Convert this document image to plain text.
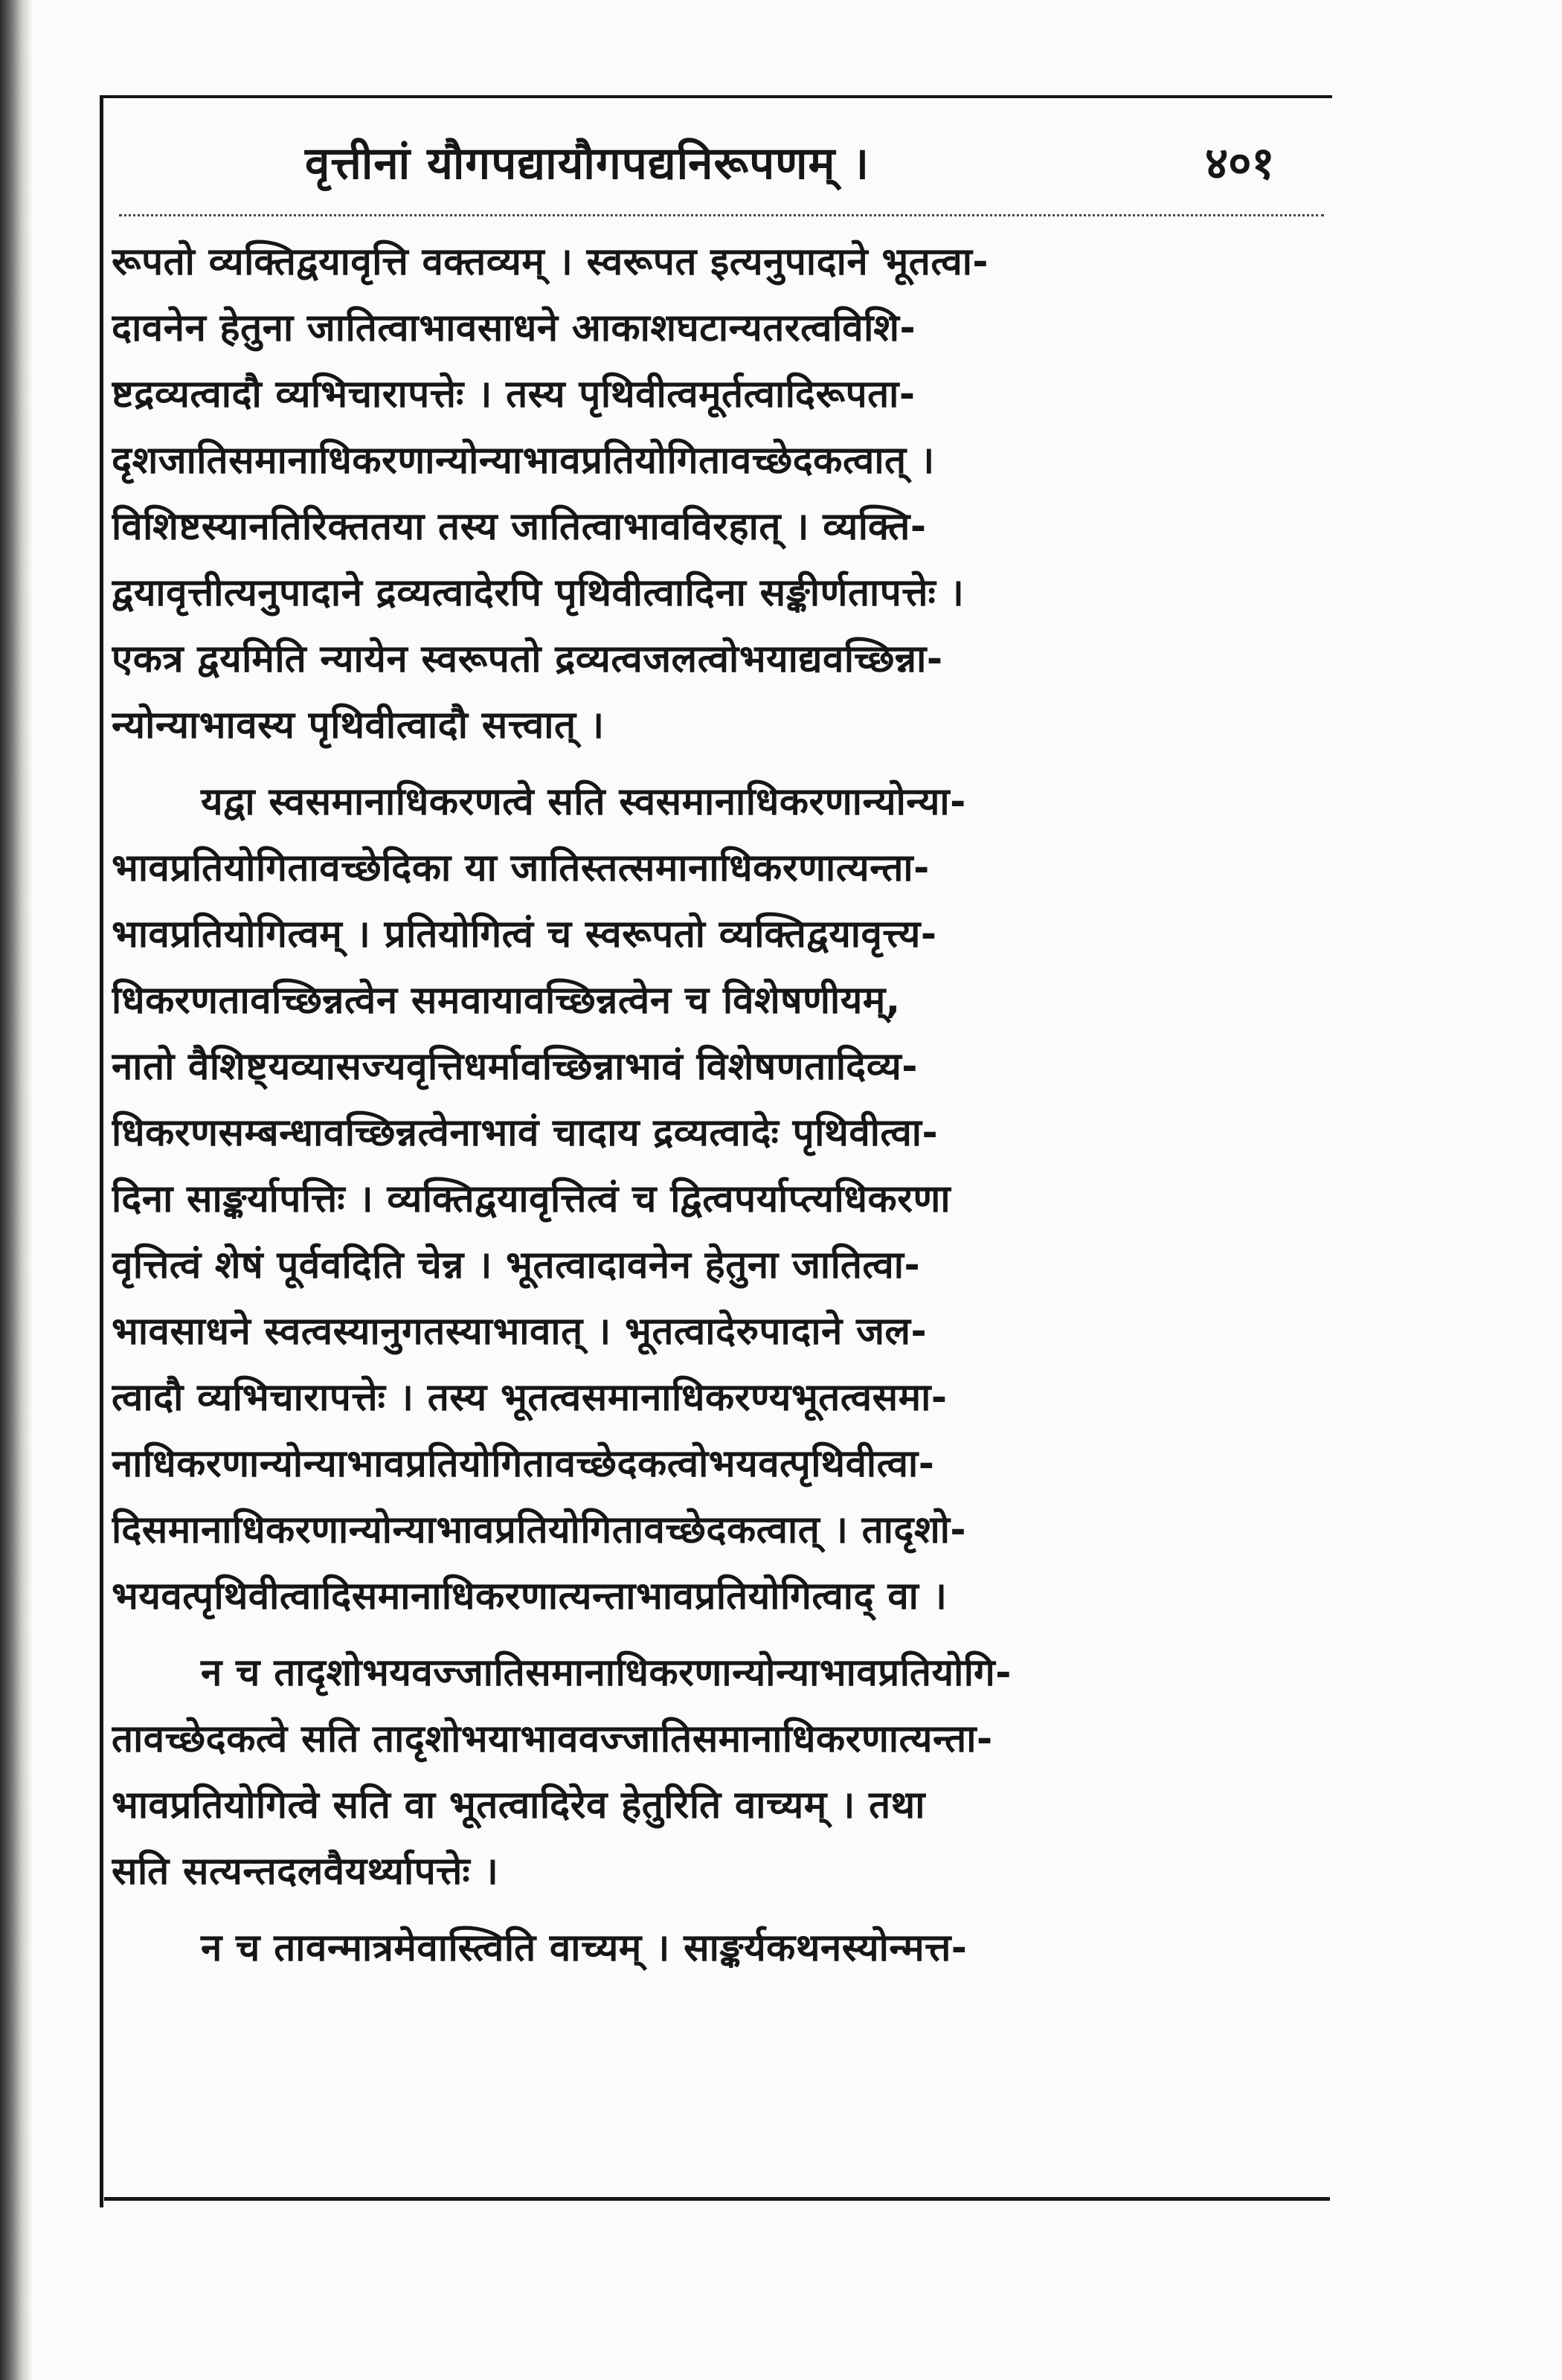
वृत्तीनां यौगपद्यायौगपद्यनिरूपणम् ।	४०१
रूपतो व्यक्तिद्वयावृत्ति वक्तव्यम् । स्वरूपत इत्यनुपादाने भूतत्वा-
दावनेन हेतुना जातित्वाभावसाधने आकाशघटान्यतरत्वविशि-
ष्टद्रव्यत्वादौ व्यभिचारापत्तेः । तस्य पृथिवीत्वमूर्तत्वादिरूपता-
दृशजातिसमानाधिकरणान्योन्याभावप्रतियोगितावच्छेदकत्वात् ।
विशिष्टस्यानतिरिक्ततया तस्य जातित्वाभावविरहात् । व्यक्ति-
द्वयावृत्तीत्यनुपादाने द्रव्यत्वादेरपि पृथिवीत्वादिना सङ्कीर्णतापत्तेः ।
एकत्र द्वयमिति न्यायेन स्वरूपतो द्रव्यत्वजलत्वोभयाद्यवच्छिन्ना-
न्योन्याभावस्य पृथिवीत्वादौ सत्त्वात् ।
यद्वा स्वसमानाधिकरणत्वे सति स्वसमानाधिकरणान्योन्या-
भावप्रतियोगितावच्छेदिका या जातिस्तत्समानाधिकरणात्यन्ता-
भावप्रतियोगित्वम् । प्रतियोगित्वं च स्वरूपतो व्यक्तिद्वयावृत्त्य-
धिकरणतावच्छिन्नत्वेन समवायावच्छिन्नत्वेन च विशेषणीयम्,
नातो वैशिष्ट्यव्यासज्यवृत्तिधर्मावच्छिन्नाभावं विशेषणतादिव्य-
धिकरणसम्बन्धावच्छिन्नत्वेनाभावं चादाय द्रव्यत्वादेः पृथिवीत्वा-
दिना साङ्कर्यापत्तिः । व्यक्तिद्वयावृत्तित्वं च द्वित्वपर्याप्त्यधिकरणा
वृत्तित्वं शेषं पूर्ववदिति चेन्न । भूतत्वादावनेन हेतुना जातित्वा-
भावसाधने स्वत्वस्यानुगतस्याभावात् । भूतत्वादेरुपादाने जल-
त्वादौ व्यभिचारापत्तेः । तस्य भूतत्वसमानाधिकरण्यभूतत्वसमा-
नाधिकरणान्योन्याभावप्रतियोगितावच्छेदकत्वोभयवत्पृथिवीत्वा-
दिसमानाधिकरणान्योन्याभावप्रतियोगितावच्छेदकत्वात् । तादृशो-
भयवत्पृथिवीत्वादिसमानाधिकरणात्यन्ताभावप्रतियोगित्वाद् वा ।
न च तादृशोभयवज्जातिसमानाधिकरणान्योन्याभावप्रतियोगि-
तावच्छेदकत्वे सति तादृशोभयाभाववज्जातिसमानाधिकरणात्यन्ता-
भावप्रतियोगित्वे सति वा भूतत्वादिरेव हेतुरिति वाच्यम् । तथा
सति सत्यन्तदलवैयर्थ्यापत्तेः ।
न च तावन्मात्रमेवास्त्विति वाच्यम् । साङ्कर्यकथनस्योन्मत्त-
